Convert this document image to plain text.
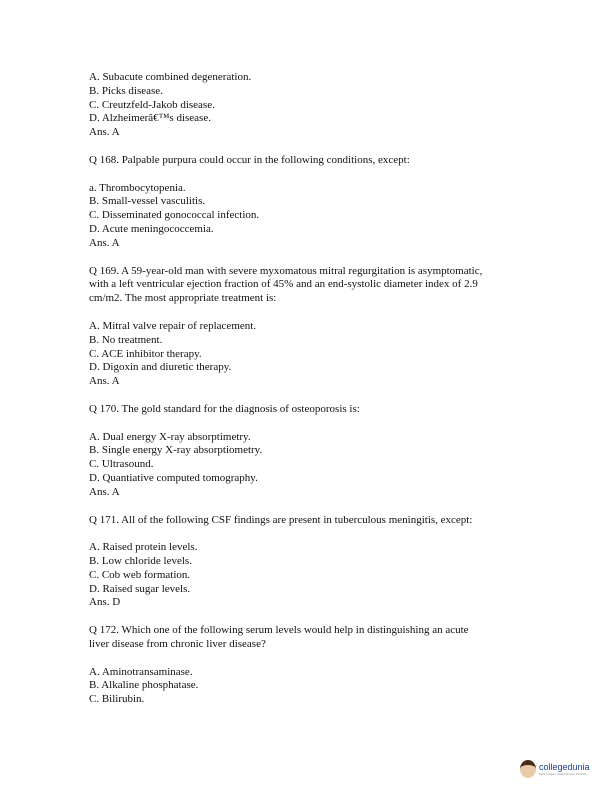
A. Subacute combined degeneration.
B. Picks disease.
C. Creutzfeld-Jakob disease.
D. Alzheimerâ€™s disease.
Ans. A
Q 168. Palpable purpura could occur in the following conditions, except:
a. Thrombocytopenia.
B. Small-vessel vasculitis.
C. Disseminated gonococcal infection.
D. Acute meningococcemia.
Ans. A
Q 169. A 59-year-old man with severe myxomatous mitral regurgitation is asymptomatic,
with a left ventricular ejection fraction of 45% and an end-systolic diameter index of 2.9
cm/m2. The most appropriate treatment is:
A. Mitral valve repair of replacement.
B. No treatment.
C. ACE inhibitor therapy.
D. Digoxin and diuretic therapy.
Ans. A
Q 170. The gold standard for the diagnosis of osteoporosis is:
A. Dual energy X-ray absorptimetry.
B. Single energy X-ray absorptiometry.
C. Ultrasound.
D. Quantiative computed tomography.
Ans. A
Q 171. All of the following CSF findings are present in tuberculous meningitis, except:
A. Raised protein levels.
B. Low chloride levels.
C. Cob web formation.
D. Raised sugar levels.
Ans. D
Q 172. Which one of the following serum levels would help in distinguishing an acute
liver disease from chronic liver disease?
A. Aminotransaminase.
B. Alkaline phosphatase.
C. Bilirubin.
collegedunia
India's largest Student Review Platform
